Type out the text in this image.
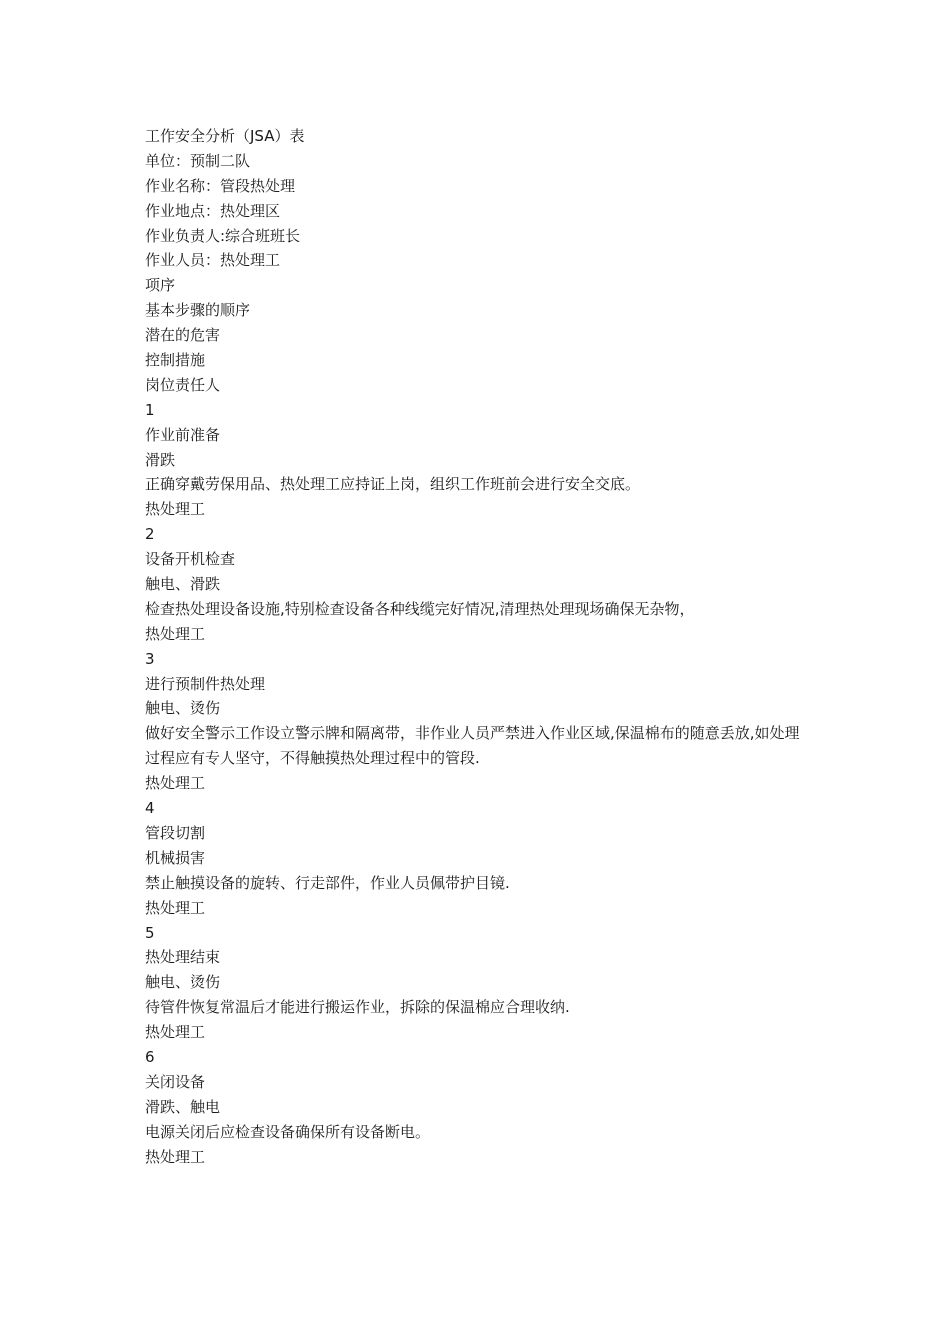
工作安全分析（JSA）表
单位：预制二队
作业名称：管段热处理
作业地点：热处理区
作业负责人:综合班班长
作业人员：热处理工
项序
基本步骤的顺序
潜在的危害
控制措施
岗位责任人
1
作业前准备
滑跌
正确穿戴劳保用品、热处理工应持证上岗，组织工作班前会进行安全交底。
热处理工
2
设备开机检查
触电、滑跌
检查热处理设备设施,特别检查设备各种线缆完好情况,清理热处理现场确保无杂物，
热处理工
3
进行预制件热处理
触电、烫伤
做好安全警示工作设立警示牌和隔离带，非作业人员严禁进入作业区域,保温棉布的随意丢放,如处理过程应有专人坚守，不得触摸热处理过程中的管段.
热处理工
4
管段切割
机械损害
禁止触摸设备的旋转、行走部件，作业人员佩带护目镜.
热处理工
5
热处理结束
触电、烫伤
待管件恢复常温后才能进行搬运作业，拆除的保温棉应合理收纳.
热处理工
6
关闭设备
滑跌、触电
电源关闭后应检查设备确保所有设备断电。
热处理工
